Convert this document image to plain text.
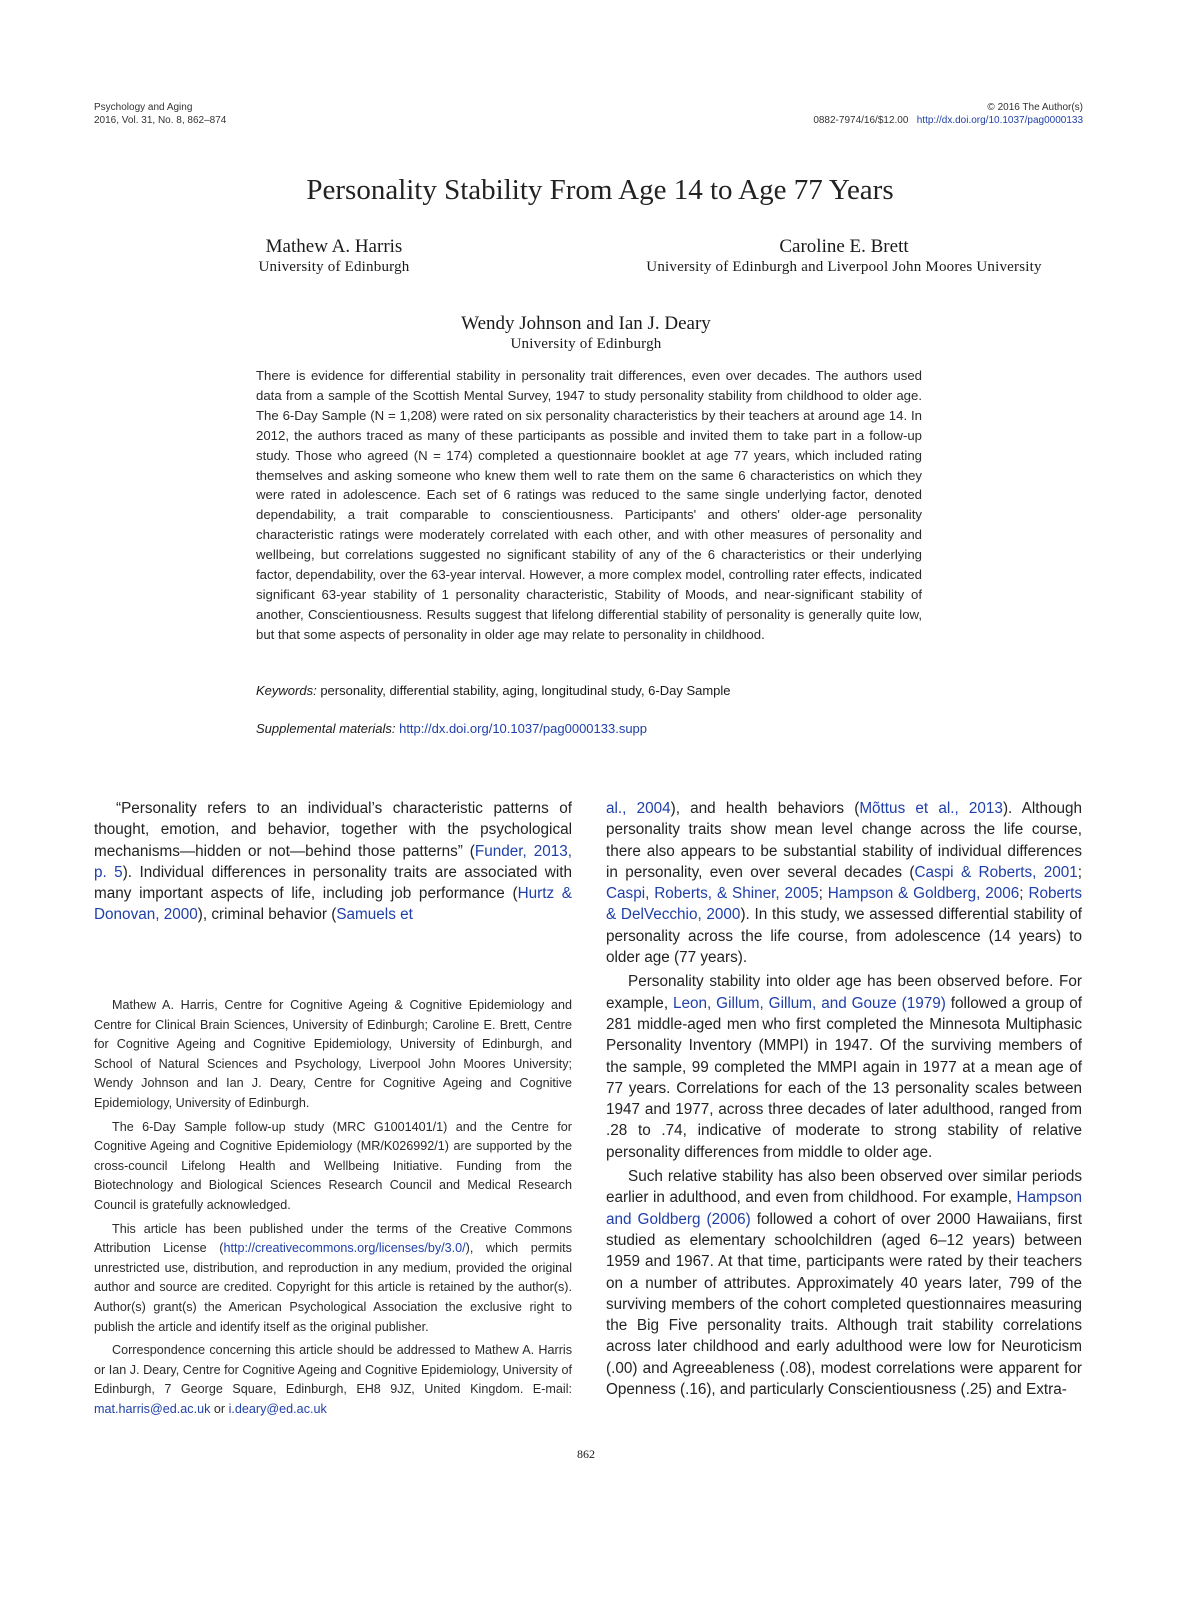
Psychology and Aging
2016, Vol. 31, No. 8, 862–874
© 2016 The Author(s)
0882-7974/16/$12.00 http://dx.doi.org/10.1037/pag0000133
Personality Stability From Age 14 to Age 77 Years
Mathew A. Harris
University of Edinburgh
Caroline E. Brett
University of Edinburgh and Liverpool John Moores University
Wendy Johnson and Ian J. Deary
University of Edinburgh
There is evidence for differential stability in personality trait differences, even over decades. The authors used data from a sample of the Scottish Mental Survey, 1947 to study personality stability from childhood to older age. The 6-Day Sample (N = 1,208) were rated on six personality characteristics by their teachers at around age 14. In 2012, the authors traced as many of these participants as possible and invited them to take part in a follow-up study. Those who agreed (N = 174) completed a questionnaire booklet at age 77 years, which included rating themselves and asking someone who knew them well to rate them on the same 6 characteristics on which they were rated in adolescence. Each set of 6 ratings was reduced to the same single underlying factor, denoted dependability, a trait comparable to conscientiousness. Participants' and others' older-age personality characteristic ratings were moderately correlated with each other, and with other measures of personality and wellbeing, but correlations suggested no significant stability of any of the 6 characteristics or their underlying factor, dependability, over the 63-year interval. However, a more complex model, controlling rater effects, indicated significant 63-year stability of 1 personality characteristic, Stability of Moods, and near-significant stability of another, Conscientiousness. Results suggest that lifelong differential stability of personality is generally quite low, but that some aspects of personality in older age may relate to personality in childhood.
Keywords: personality, differential stability, aging, longitudinal study, 6-Day Sample
Supplemental materials: http://dx.doi.org/10.1037/pag0000133.supp

“Personality refers to an individual’s characteristic patterns of thought, emotion, and behavior, together with the psychological mechanisms—hidden or not—behind those patterns” (Funder, 2013, p. 5). Individual differences in personality traits are associated with many important aspects of life, including job performance (Hurtz & Donovan, 2000), criminal behavior (Samuels et

Mathew A. Harris, Centre for Cognitive Ageing & Cognitive Epidemiology and Centre for Clinical Brain Sciences, University of Edinburgh; Caroline E. Brett, Centre for Cognitive Ageing and Cognitive Epidemiology, University of Edinburgh, and School of Natural Sciences and Psychology, Liverpool John Moores University; Wendy Johnson and Ian J. Deary, Centre for Cognitive Ageing and Cognitive Epidemiology, University of Edinburgh.

The 6-Day Sample follow-up study (MRC G1001401/1) and the Centre for Cognitive Ageing and Cognitive Epidemiology (MR/K026992/1) are supported by the cross-council Lifelong Health and Wellbeing Initiative. Funding from the Biotechnology and Biological Sciences Research Council and Medical Research Council is gratefully acknowledged.

This article has been published under the terms of the Creative Commons Attribution License (http://creativecommons.org/licenses/by/3.0/), which permits unrestricted use, distribution, and reproduction in any medium, provided the original author and source are credited. Copyright for this article is retained by the author(s). Author(s) grant(s) the American Psychological Association the exclusive right to publish the article and identify itself as the original publisher.

Correspondence concerning this article should be addressed to Mathew A. Harris or Ian J. Deary, Centre for Cognitive Ageing and Cognitive Epidemiology, University of Edinburgh, 7 George Square, Edinburgh, EH8 9JZ, United Kingdom. E-mail: mat.harris@ed.ac.uk or i.deary@ed.ac.uk

al., 2004), and health behaviors (Mõttus et al., 2013). Although personality traits show mean level change across the life course, there also appears to be substantial stability of individual differences in personality, even over several decades (Caspi & Roberts, 2001; Caspi, Roberts, & Shiner, 2005; Hampson & Goldberg, 2006; Roberts & DelVecchio, 2000). In this study, we assessed differential stability of personality across the life course, from adolescence (14 years) to older age (77 years).

Personality stability into older age has been observed before. For example, Leon, Gillum, Gillum, and Gouze (1979) followed a group of 281 middle-aged men who first completed the Minnesota Multiphasic Personality Inventory (MMPI) in 1947. Of the surviving members of the sample, 99 completed the MMPI again in 1977 at a mean age of 77 years. Correlations for each of the 13 personality scales between 1947 and 1977, across three decades of later adulthood, ranged from .28 to .74, indicative of moderate to strong stability of relative personality differences from middle to older age.

Such relative stability has also been observed over similar periods earlier in adulthood, and even from childhood. For example, Hampson and Goldberg (2006) followed a cohort of over 2000 Hawaiians, first studied as elementary schoolchildren (aged 6–12 years) between 1959 and 1967. At that time, participants were rated by their teachers on a number of attributes. Approximately 40 years later, 799 of the surviving members of the cohort completed questionnaires measuring the Big Five personality traits. Although trait stability correlations across later childhood and early adulthood were low for Neuroticism (.00) and Agreeableness (.08), modest correlations were apparent for Openness (.16), and particularly Conscientiousness (.25) and Extra-

862
